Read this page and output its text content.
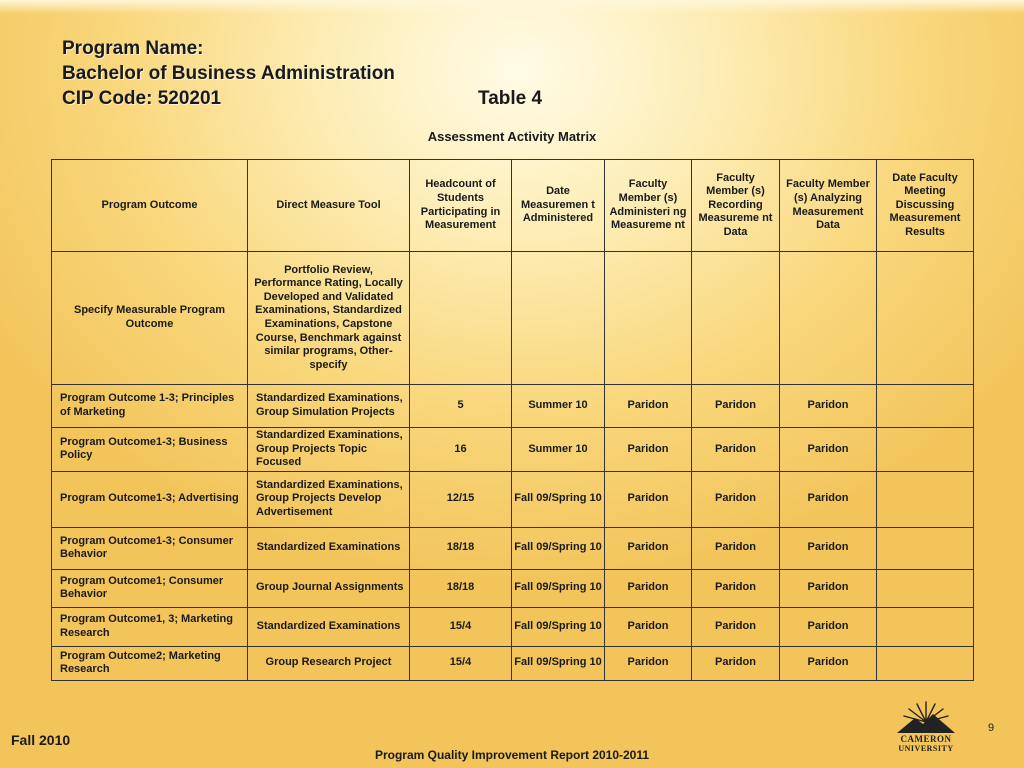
Program Name:
Bachelor of Business Administration
CIP Code: 520201	Table 4
Assessment Activity Matrix
Program Outcome	Direct Measure Tool	Headcount of Students Participating in Measurement	Date Measuremen t Administered	Faculty Member (s) Administeri ng Measureme nt	Faculty Member (s) Recording Measureme nt Data	Faculty Member (s) Analyzing Measurement Data	Date Faculty Meeting Discussing Measurement Results
Specify Measurable Program Outcome	Portfolio Review, Performance Rating, Locally Developed and Validated Examinations, Standardized Examinations, Capstone Course, Benchmark against similar programs, Other-specify						
Program Outcome 1-3; Principles of Marketing	Standardized Examinations, Group Simulation Projects	5	Summer 10	Paridon	Paridon	Paridon	
Program Outcome1-3; Business Policy	Standardized Examinations, Group Projects Topic Focused	16	Summer 10	Paridon	Paridon	Paridon	
Program Outcome1-3; Advertising	Standardized Examinations, Group Projects Develop Advertisement	12/15	Fall 09/Spring 10	Paridon	Paridon	Paridon	
Program Outcome1-3; Consumer Behavior	Standardized Examinations	18/18	Fall 09/Spring 10	Paridon	Paridon	Paridon	
Program Outcome1; Consumer Behavior	Group Journal Assignments	18/18	Fall 09/Spring 10	Paridon	Paridon	Paridon	
Program Outcome1, 3; Marketing Research	Standardized Examinations	15/4	Fall 09/Spring 10	Paridon	Paridon	Paridon	
Program Outcome2; Marketing Research	Group Research Project	15/4	Fall 09/Spring 10	Paridon	Paridon	Paridon	
Fall 2010
Program Quality Improvement Report 2010-2011
9
CAMERON
UNIVERSITY
